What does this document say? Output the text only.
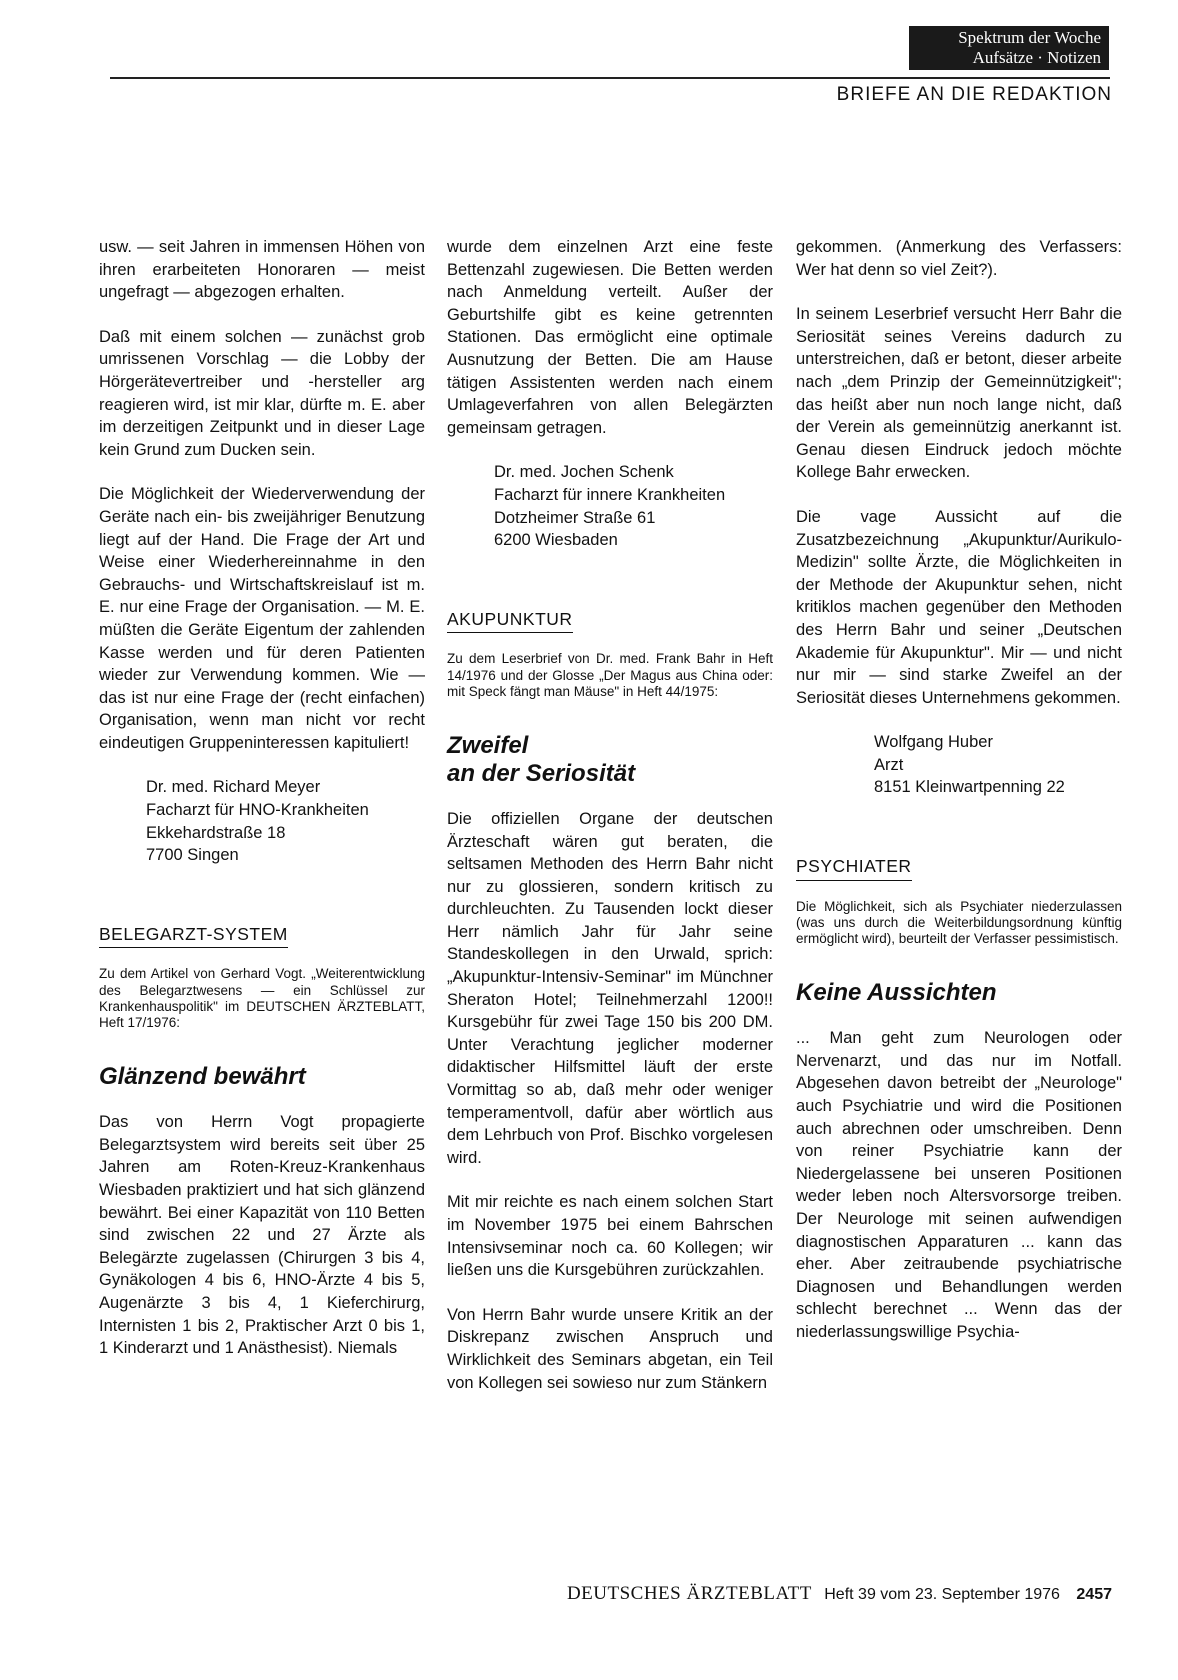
Spektrum der Woche
Aufsätze · Notizen
BRIEFE AN DIE REDAKTION

usw. — seit Jahren in immensen Höhen von ihren erarbeiteten Honoraren — meist ungefragt — abgezogen erhalten.

Daß mit einem solchen — zunächst grob umrissenen Vorschlag — die Lobby der Hörgerätevertreiber und -hersteller arg reagieren wird, ist mir klar, dürfte m. E. aber im derzeitigen Zeitpunkt und in dieser Lage kein Grund zum Ducken sein.

Die Möglichkeit der Wiederverwendung der Geräte nach ein- bis zweijähriger Benutzung liegt auf der Hand. Die Frage der Art und Weise einer Wiederhereinnahme in den Gebrauchs- und Wirtschaftskreislauf ist m. E. nur eine Frage der Organisation. — M. E. müßten die Geräte Eigentum der zahlenden Kasse werden und für deren Patienten wieder zur Verwendung kommen. Wie — das ist nur eine Frage der (recht einfachen) Organisation, wenn man nicht vor recht eindeutigen Gruppeninteressen kapituliert!

Dr. med. Richard Meyer
Facharzt für HNO-Krankheiten
Ekkehardstraße 18
7700 Singen
BELEGARZT-SYSTEM

Zu dem Artikel von Gerhard Vogt. „Weiterentwicklung des Belegarztwesens — ein Schlüssel zur Krankenhauspolitik" im DEUTSCHEN ÄRZTEBLATT, Heft 17/1976:

Glänzend bewährt

Das von Herrn Vogt propagierte Belegarztsystem wird bereits seit über 25 Jahren am Roten-Kreuz-Krankenhaus Wiesbaden praktiziert und hat sich glänzend bewährt. Bei einer Kapazität von 110 Betten sind zwischen 22 und 27 Ärzte als Belegärzte zugelassen (Chirurgen 3 bis 4, Gynäkologen 4 bis 6, HNO-Ärzte 4 bis 5, Augenärzte 3 bis 4, 1 Kieferchirurg, Internisten 1 bis 2, Praktischer Arzt 0 bis 1, 1 Kinderarzt und 1 Anästhesist). Niemals

wurde dem einzelnen Arzt eine feste Bettenzahl zugewiesen. Die Betten werden nach Anmeldung verteilt. Außer der Geburtshilfe gibt es keine getrennten Stationen. Das ermöglicht eine optimale Ausnutzung der Betten. Die am Hause tätigen Assistenten werden nach einem Umlageverfahren von allen Belegärzten gemeinsam getragen.

Dr. med. Jochen Schenk
Facharzt für innere Krankheiten
Dotzheimer Straße 61
6200 Wiesbaden
AKUPUNKTUR

Zu dem Leserbrief von Dr. med. Frank Bahr in Heft 14/1976 und der Glosse „Der Magus aus China oder: mit Speck fängt man Mäuse" in Heft 44/1975:

Zweifel
an der Seriosität

Die offiziellen Organe der deutschen Ärzteschaft wären gut beraten, die seltsamen Methoden des Herrn Bahr nicht nur zu glossieren, sondern kritisch zu durchleuchten. Zu Tausenden lockt dieser Herr nämlich Jahr für Jahr seine Standeskollegen in den Urwald, sprich: „Akupunktur-Intensiv-Seminar" im Münchner Sheraton Hotel; Teilnehmerzahl 1200!! Kursgebühr für zwei Tage 150 bis 200 DM. Unter Verachtung jeglicher moderner didaktischer Hilfsmittel läuft der erste Vormittag so ab, daß mehr oder weniger temperamentvoll, dafür aber wörtlich aus dem Lehrbuch von Prof. Bischko vorgelesen wird.

Mit mir reichte es nach einem solchen Start im November 1975 bei einem Bahrschen Intensivseminar noch ca. 60 Kollegen; wir ließen uns die Kursgebühren zurückzahlen.

Von Herrn Bahr wurde unsere Kritik an der Diskrepanz zwischen Anspruch und Wirklichkeit des Seminars abgetan, ein Teil von Kollegen sei sowieso nur zum Stänkern

gekommen. (Anmerkung des Verfassers: Wer hat denn so viel Zeit?).

In seinem Leserbrief versucht Herr Bahr die Seriosität seines Vereins dadurch zu unterstreichen, daß er betont, dieser arbeite nach „dem Prinzip der Gemeinnützigkeit"; das heißt aber nun noch lange nicht, daß der Verein als gemeinnützig anerkannt ist. Genau diesen Eindruck jedoch möchte Kollege Bahr erwecken.

Die vage Aussicht auf die Zusatzbezeichnung „Akupunktur/Aurikulo-Medizin" sollte Ärzte, die Möglichkeiten in der Methode der Akupunktur sehen, nicht kritiklos machen gegenüber den Methoden des Herrn Bahr und seiner „Deutschen Akademie für Akupunktur". Mir — und nicht nur mir — sind starke Zweifel an der Seriosität dieses Unternehmens gekommen.

Wolfgang Huber
Arzt
8151 Kleinwartpenning 22
PSYCHIATER

Die Möglichkeit, sich als Psychiater niederzulassen (was uns durch die Weiterbildungsordnung künftig ermöglicht wird), beurteilt der Verfasser pessimistisch.

Keine Aussichten

... Man geht zum Neurologen oder Nervenarzt, und das nur im Notfall. Abgesehen davon betreibt der „Neurologe" auch Psychiatrie und wird die Positionen auch abrechnen oder umschreiben. Denn von reiner Psychiatrie kann der Niedergelassene bei unseren Positionen weder leben noch Altersvorsorge treiben. Der Neurologe mit seinen aufwendigen diagnostischen Apparaturen ... kann das eher. Aber zeitraubende psychiatrische Diagnosen und Behandlungen werden schlecht berechnet ... Wenn das der niederlassungswillige Psychia-

DEUTSCHES ÄRZTEBLATT Heft 39 vom 23. September 1976 2457
